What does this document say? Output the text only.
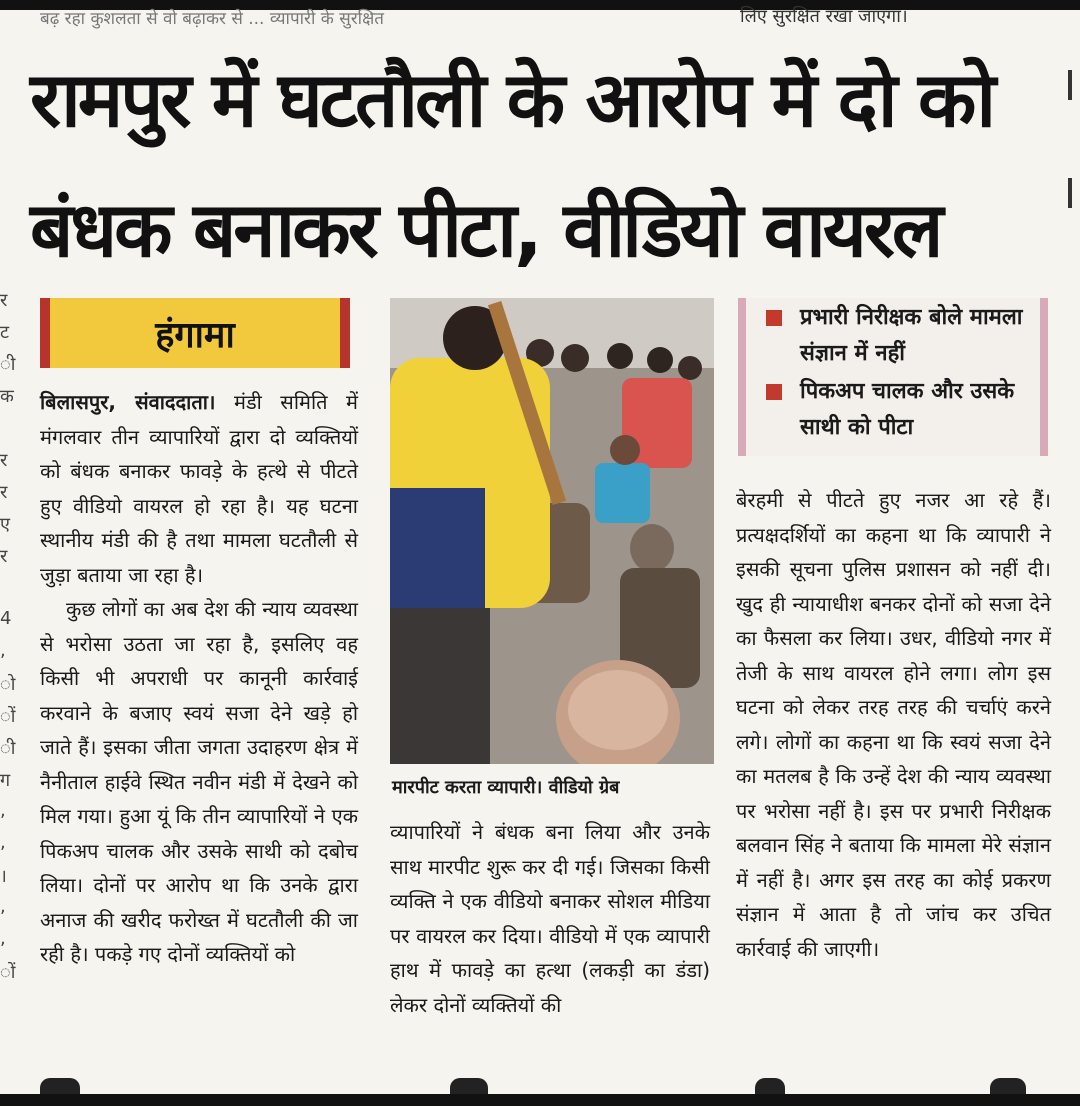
बढ़ रहा कुशलता से वो बढ़ाकर से ... व्यापारी के सुरक्षित	लिए सुरक्षित रखा जाएगा।
रामपुर में घटतौली के आरोप में दो को
बंधक बनाकर पीटा, वीडियो वायरल
र
ट
ी
क
र
र
ए
र
4
,
ो
ों
ी
ग
,
,
।
,
,
ों
हंगामा

बिलासपुर, संवाददाता। मंडी समिति में मंगलवार तीन व्यापारियों द्वारा दो व्यक्तियों को बंधक बनाकर फावड़े के हत्थे से पीटते हुए वीडियो वायरल हो रहा है। यह घटना स्थानीय मंडी की है तथा मामला घटतौली से जुड़ा बताया जा रहा है।

कुछ लोगों का अब देश की न्याय व्यवस्था से भरोसा उठता जा रहा है, इसलिए वह किसी भी अपराधी पर कानूनी कार्रवाई करवाने के बजाए स्वयं सजा देने खड़े हो जाते हैं। इसका जीता जगता उदाहरण क्षेत्र में नैनीताल हाईवे स्थित नवीन मंडी में देखने को मिल गया। हुआ यूं कि तीन व्यापारियों ने एक पिकअप चालक और उसके साथी को दबोच लिया। दोनों पर आरोप था कि उनके द्वारा अनाज की खरीद फरोख्त में घटतौली की जा रही है। पकड़े गए दोनों व्यक्तियों को

मारपीट करता व्यापारी। वीडियो ग्रेब
व्यापारियों ने बंधक बना लिया और उनके साथ मारपीट शुरू कर दी गई। जिसका किसी व्यक्ति ने एक वीडियो बनाकर सोशल मीडिया पर वायरल कर दिया। वीडियो में एक व्यापारी हाथ में फावड़े का हत्था (लकड़ी का डंडा) लेकर दोनों व्यक्तियों की
प्रभारी निरीक्षक बोले मामला संज्ञान में नहीं
पिकअप चालक और उसके साथी को पीटा
बेरहमी से पीटते हुए नजर आ रहे हैं। प्रत्यक्षदर्शियों का कहना था कि व्यापारी ने इसकी सूचना पुलिस प्रशासन को नहीं दी। खुद ही न्यायाधीश बनकर दोनों को सजा देने का फैसला कर लिया। उधर, वीडियो नगर में तेजी के साथ वायरल होने लगा। लोग इस घटना को लेकर तरह तरह की चर्चाएं करने लगे। लोगों का कहना था कि स्वयं सजा देने का मतलब है कि उन्हें देश की न्याय व्यवस्था पर भरोसा नहीं है। इस पर प्रभारी निरीक्षक बलवान सिंह ने बताया कि मामला मेरे संज्ञान में नहीं है। अगर इस तरह का कोई प्रकरण संज्ञान में आता है तो जांच कर उचित कार्रवाई की जाएगी।
